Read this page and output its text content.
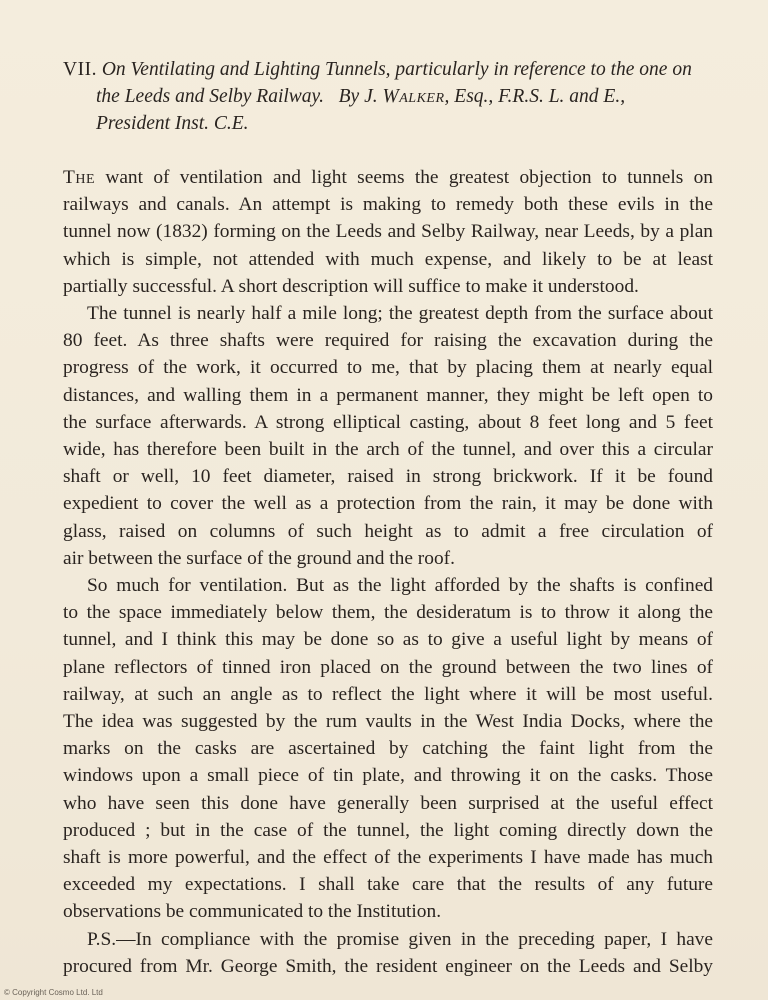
VII. On Ventilating and Lighting Tunnels, particularly in reference to the one on
the Leeds and Selby Railway. By J. Walker, Esq., F.R.S. L. and E.,
President Inst. C.E.
The want of ventilation and light seems the greatest objection to tunnels on
railways and canals. An attempt is making to remedy both these evils in the
tunnel now (1832) forming on the Leeds and Selby Railway, near Leeds, by a plan
which is simple, not attended with much expense, and likely to be at least
partially successful. A short description will suffice to make it understood.
The tunnel is nearly half a mile long; the greatest depth from the surface about
80 feet. As three shafts were required for raising the excavation during the
progress of the work, it occurred to me, that by placing them at nearly equal
distances, and walling them in a permanent manner, they might be left open to
the surface afterwards. A strong elliptical casting, about 8 feet long and 5 feet
wide, has therefore been built in the arch of the tunnel, and over this a circular
shaft or well, 10 feet diameter, raised in strong brickwork. If it be found
expedient to cover the well as a protection from the rain, it may be done with
glass, raised on columns of such height as to admit a free circulation of
air between the surface of the ground and the roof.
So much for ventilation. But as the light afforded by the shafts is confined
to the space immediately below them, the desideratum is to throw it along the
tunnel, and I think this may be done so as to give a useful light by means of
plane reflectors of tinned iron placed on the ground between the two lines of
railway, at such an angle as to reflect the light where it will be most useful.
The idea was suggested by the rum vaults in the West India Docks, where the
marks on the casks are ascertained by catching the faint light from the
windows upon a small piece of tin plate, and throwing it on the casks. Those
who have seen this done have generally been surprised at the useful effect
produced ; but in the case of the tunnel, the light coming directly down the
shaft is more powerful, and the effect of the experiments I have made has much
exceeded my expectations. I shall take care that the results of any future
observations be communicated to the Institution.
P.S.—In compliance with the promise given in the preceding paper, I have
procured from Mr. George Smith, the resident engineer on the Leeds and Selby
© Copyright Cosmo Ltd. Ltd
